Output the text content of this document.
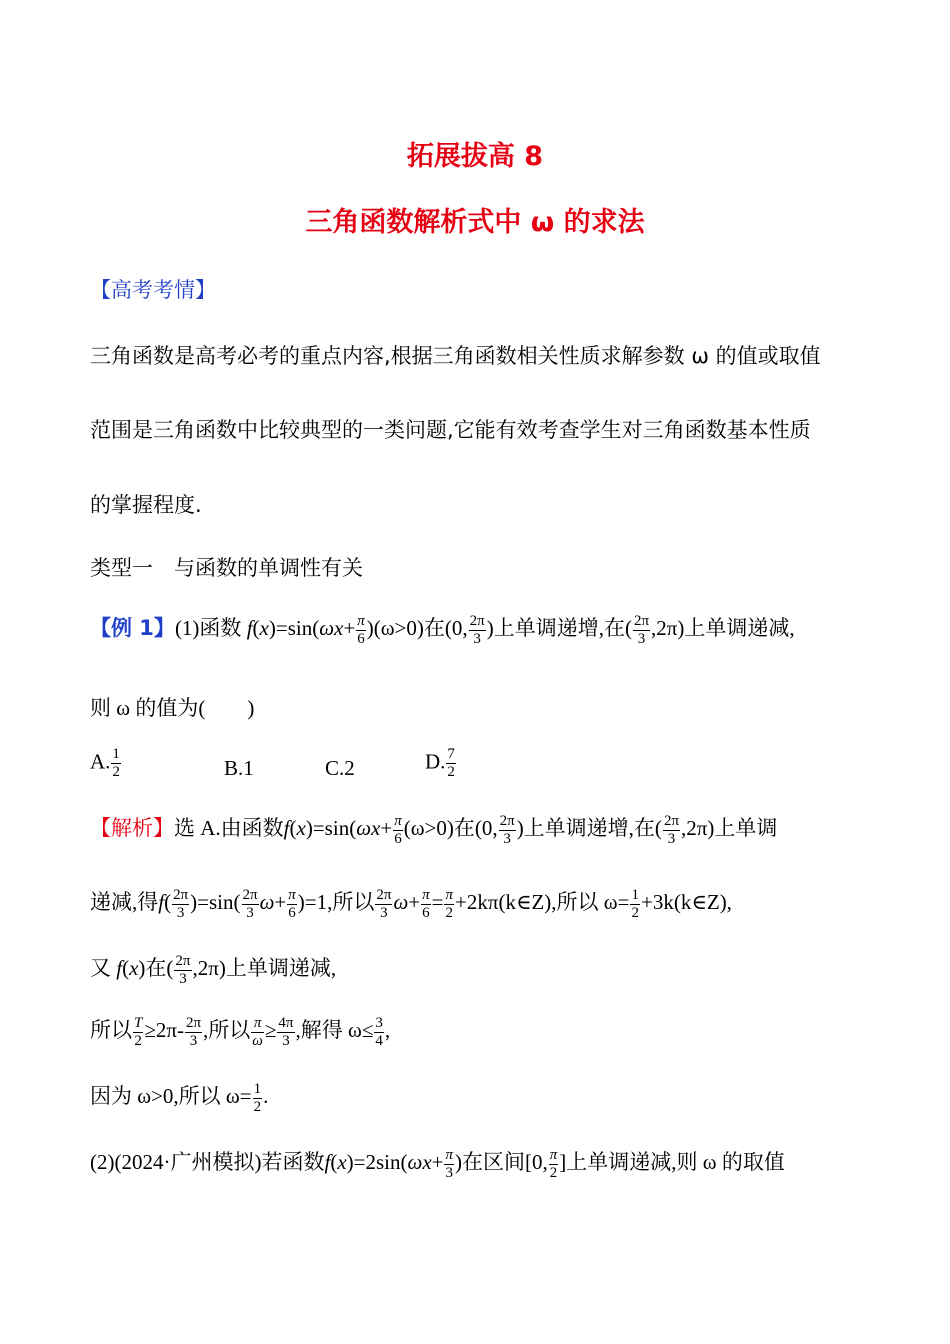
拓展拔高 8
三角函数解析式中 ω 的求法
【高考考情】
三角函数是高考必考的重点内容,根据三角函数相关性质求解参数 ω 的值或取值
范围是三角函数中比较典型的一类问题,它能有效考查学生对三角函数基本性质
的掌握程度.
类型一　与函数的单调性有关
【例 1】(1)函数 $f(x)=\sin(\omega x+ \frac{\pi}{6} )(\omega>0)$在(0, $\frac{2\pi}{3}$ )上单调递增,在( $\frac{2\pi}{3} ,2\pi$)上单调递减,
则 ω 的值为(　　)
A. $\frac{1}{2}$	B.1	C.2	D. $\frac{7}{2}$
【解析】选 A.由函数$f(x)=\sin(\omega x+ \frac{\pi}{6} (\omega>0)$在(0, $\frac{2\pi}{3}$ )上单调递增,在( $\frac{2\pi}{3} ,2\pi$)上单调
递减,得$f( \frac{2\pi}{3} )=\sin( \frac{2\pi}{3} \omega+ \frac{\pi}{6} )=1$,所以 $\frac{2\pi}{3} \omega+ \frac{\pi}{6} = \frac{\pi}{2}$ +2kπ(k∈Z),所以 $\omega= \frac{1}{2}$ +3k(k∈Z),
又 f(x)在( $\frac{2\pi}{3} ,2\pi$)上单调递减,
所以 $\frac{T}{2} \ge 2\pi- \frac{2\pi}{3}$ ,所以 $\frac{\pi}{\omega} \ge \frac{4\pi}{3}$ ,解得 $\omega\le \frac{3}{4}$ ,
因为 ω>0,所以 $\omega= \frac{1}{2}$ .
(2)(2024·广州模拟)若函数$f(x)=2\sin(\omega x+ \frac{\pi}{3}$ )在区间[0, $\frac{\pi}{2}$ ]上单调递减,则 ω 的取值
